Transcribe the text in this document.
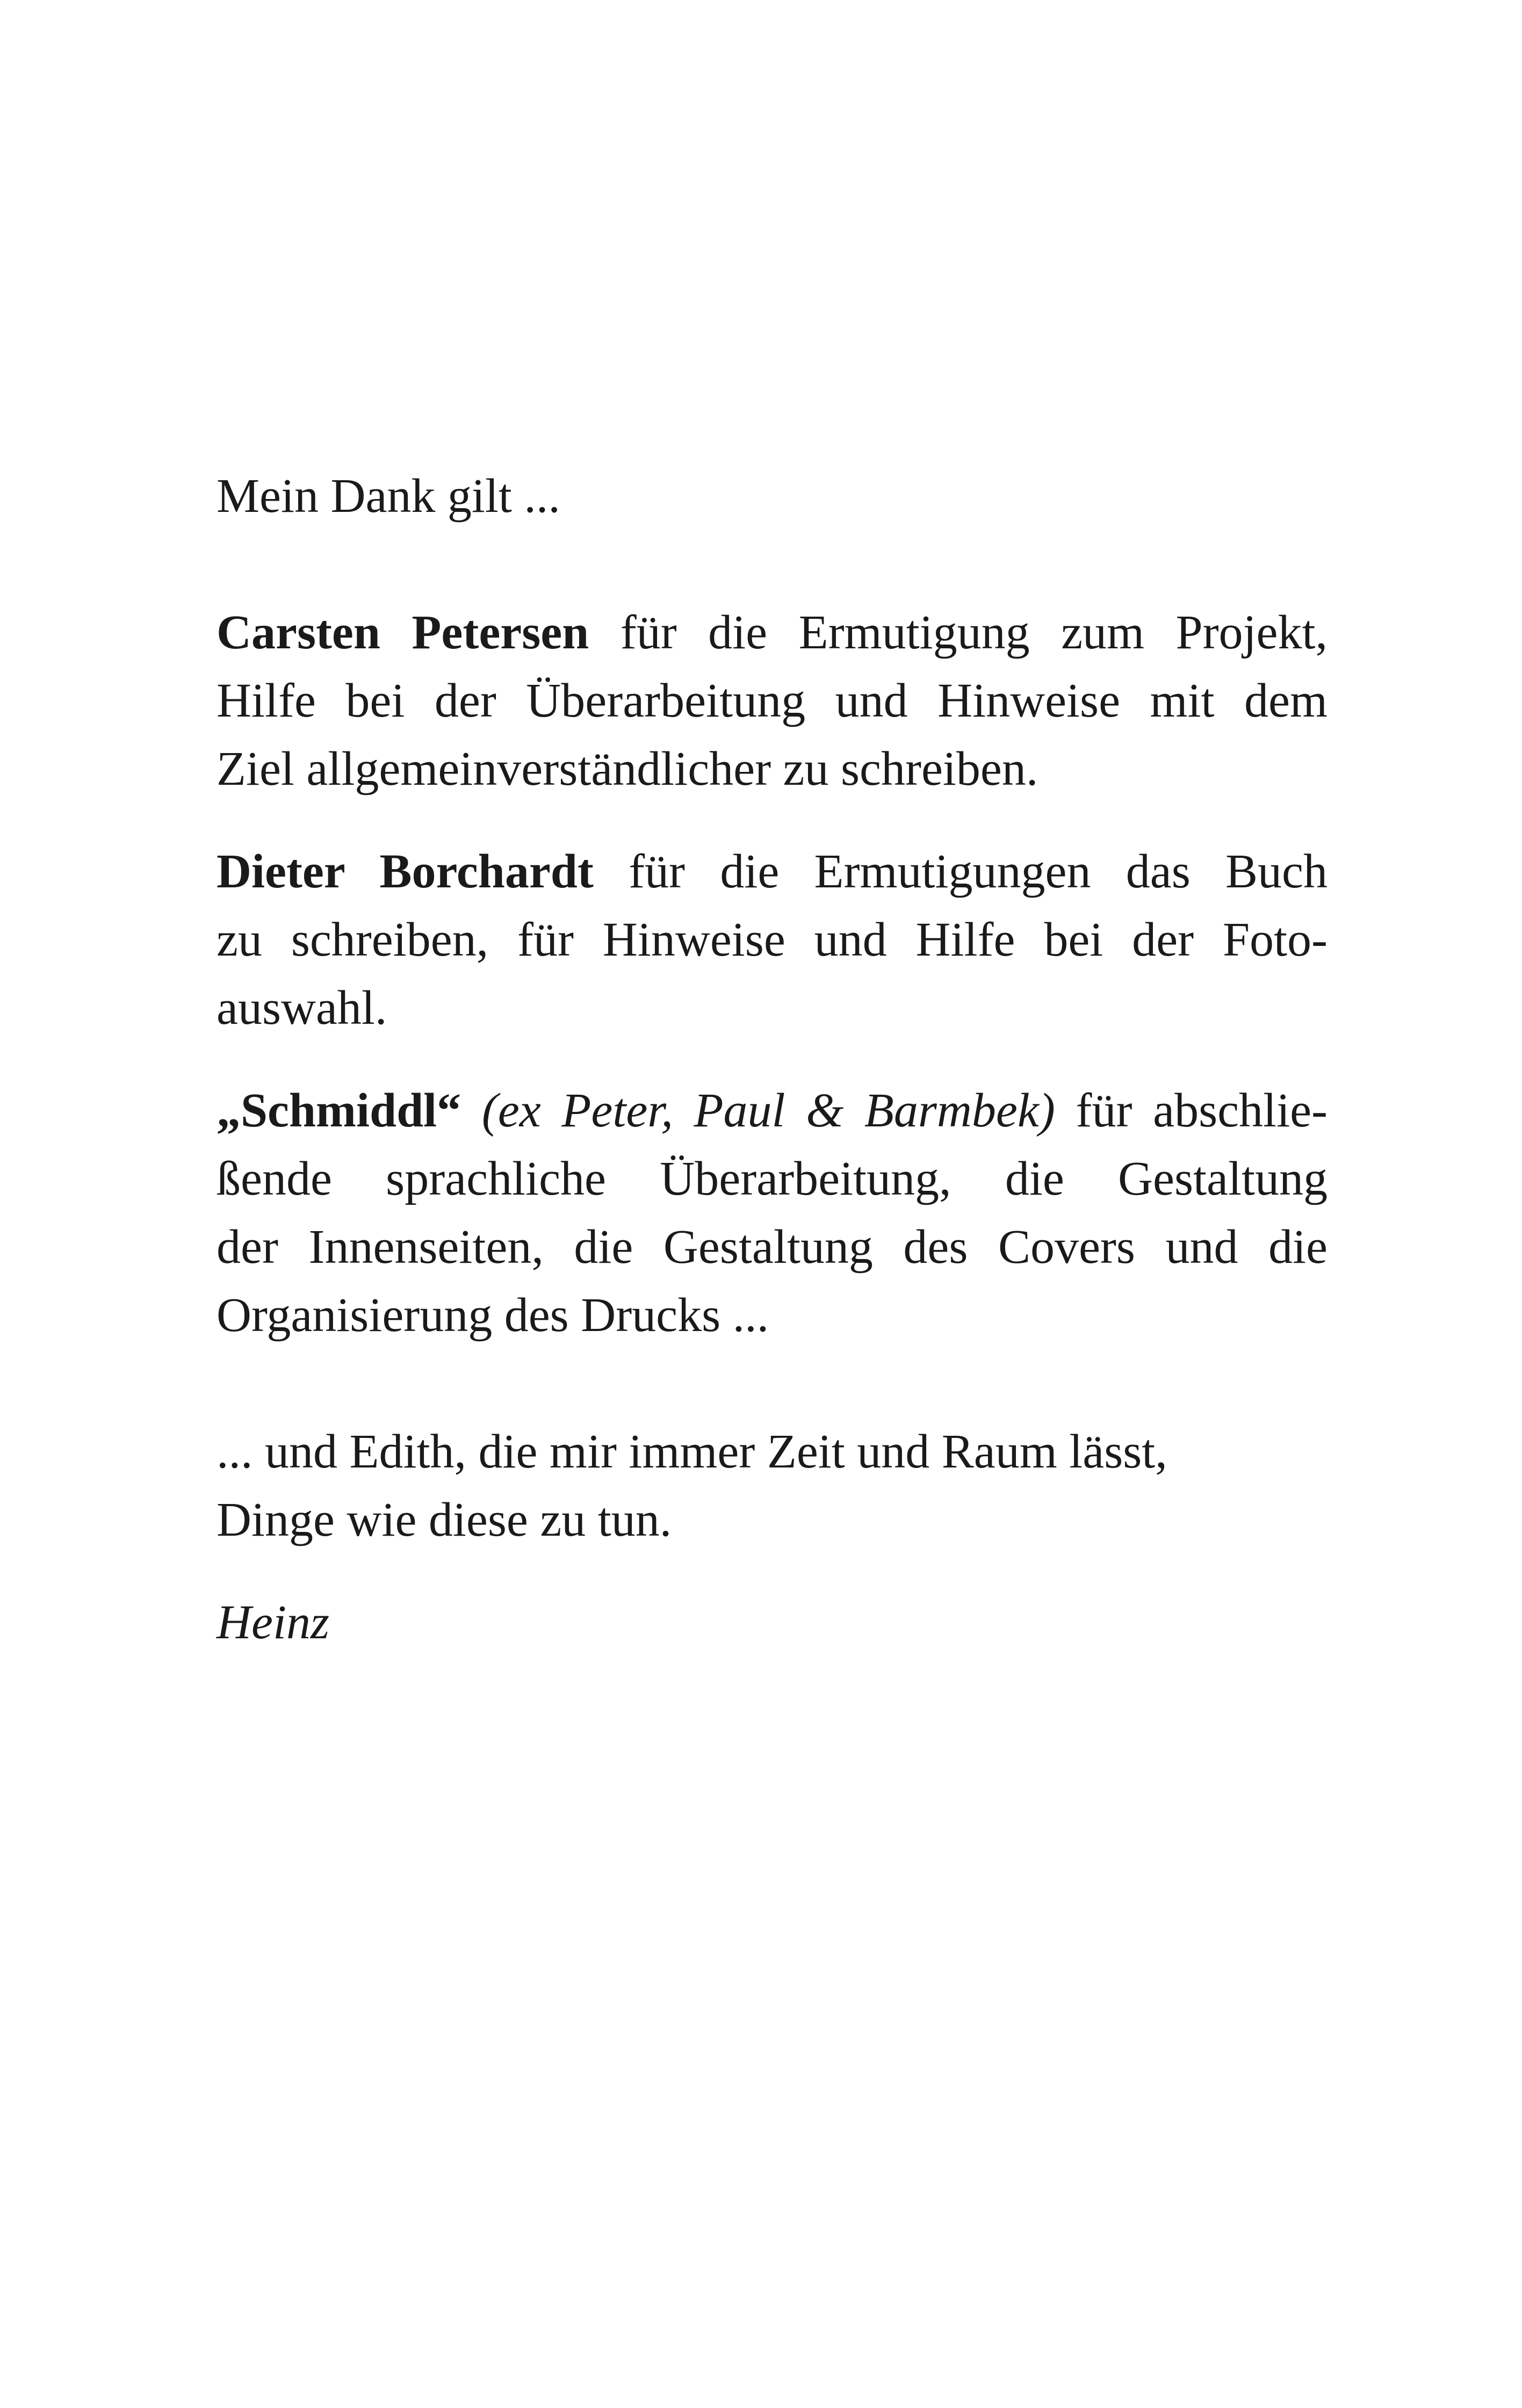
Mein Dank gilt ...

Carsten Petersen für die Ermutigung zum Projekt,
Hilfe bei der Überarbeitung und Hinweise mit dem
Ziel allgemeinverständlicher zu schreiben.

Dieter Borchardt für die Ermutigungen das Buch
zu schreiben, für Hinweise und Hilfe bei der Foto-
auswahl.

„Schmiddl“ (ex Peter, Paul & Barmbek) für abschlie-
ßende sprachliche Überarbeitung, die Gestaltung
der Innenseiten, die Gestaltung des Covers und die
Organisierung des Drucks ...

... und Edith, die mir immer Zeit und Raum lässt,
Dinge wie diese zu tun.

Heinz
